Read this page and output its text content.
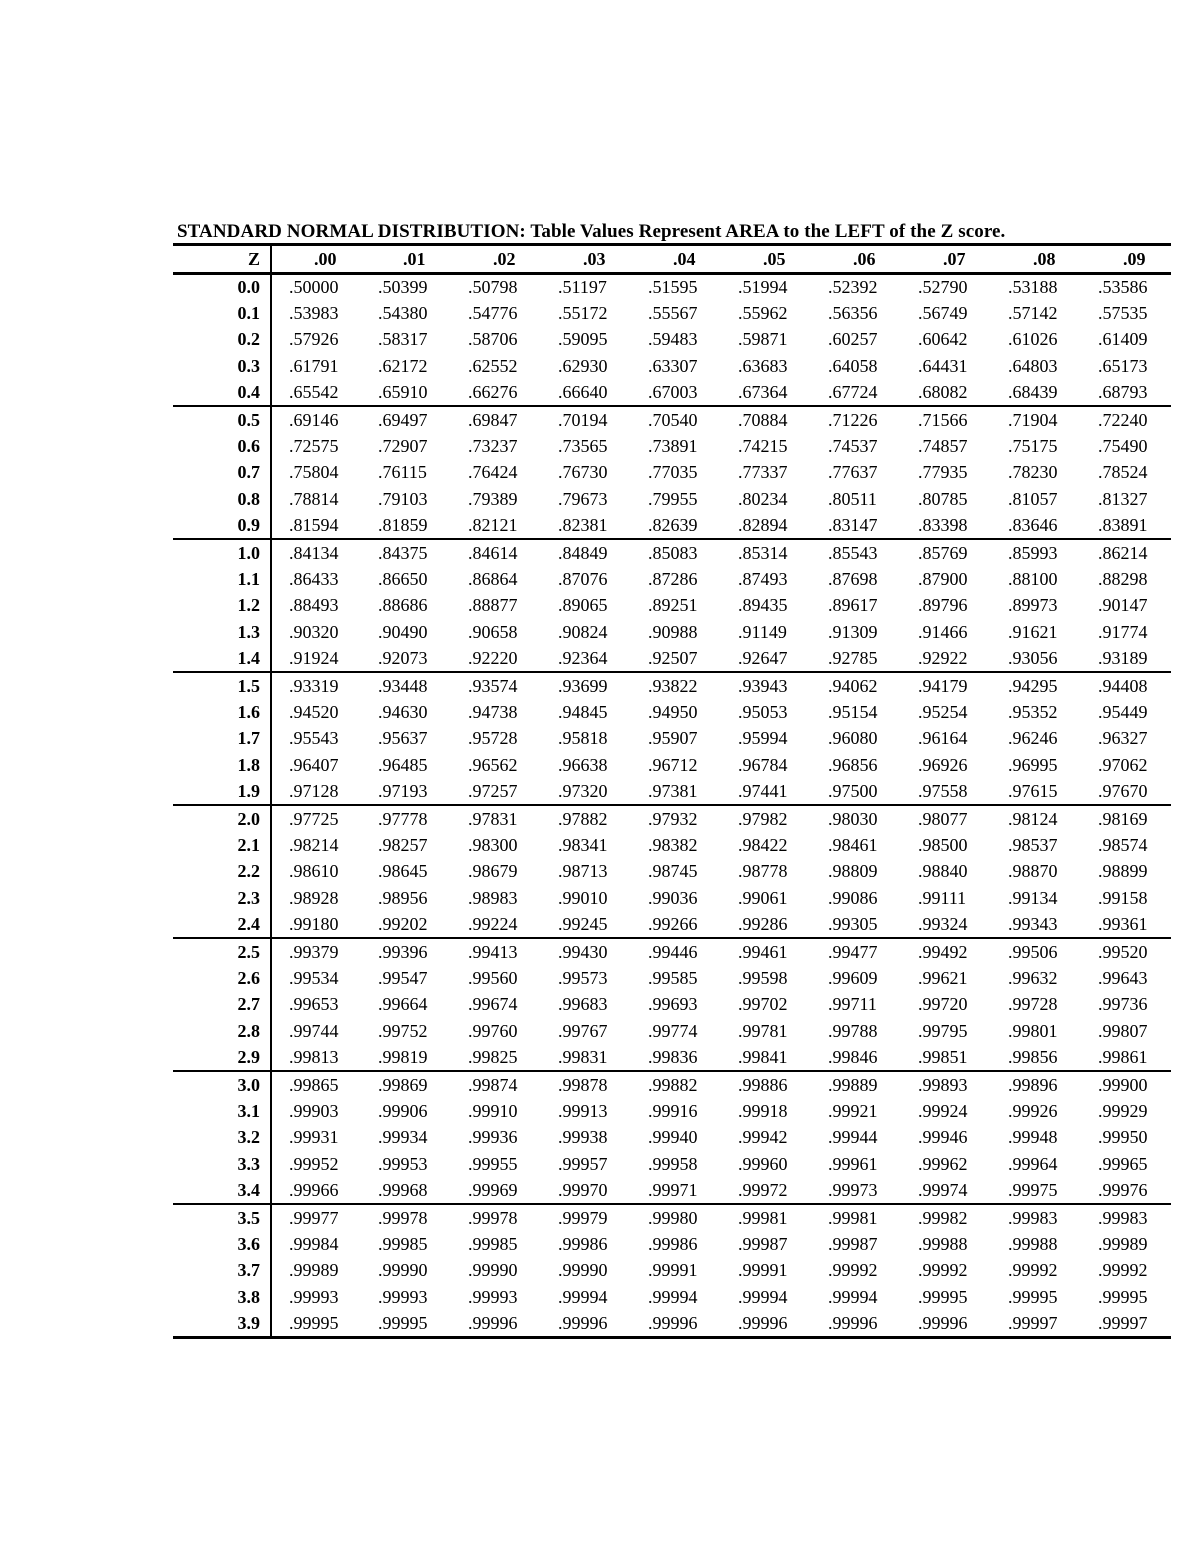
STANDARD NORMAL DISTRIBUTION: Table Values Represent AREA to the LEFT of the Z score.
Z	.00	.01	.02	.03	.04	.05	.06	.07	.08	.09
0.0	.50000	.50399	.50798	.51197	.51595	.51994	.52392	.52790	.53188	.53586
0.1	.53983	.54380	.54776	.55172	.55567	.55962	.56356	.56749	.57142	.57535
0.2	.57926	.58317	.58706	.59095	.59483	.59871	.60257	.60642	.61026	.61409
0.3	.61791	.62172	.62552	.62930	.63307	.63683	.64058	.64431	.64803	.65173
0.4	.65542	.65910	.66276	.66640	.67003	.67364	.67724	.68082	.68439	.68793
0.5	.69146	.69497	.69847	.70194	.70540	.70884	.71226	.71566	.71904	.72240
0.6	.72575	.72907	.73237	.73565	.73891	.74215	.74537	.74857	.75175	.75490
0.7	.75804	.76115	.76424	.76730	.77035	.77337	.77637	.77935	.78230	.78524
0.8	.78814	.79103	.79389	.79673	.79955	.80234	.80511	.80785	.81057	.81327
0.9	.81594	.81859	.82121	.82381	.82639	.82894	.83147	.83398	.83646	.83891
1.0	.84134	.84375	.84614	.84849	.85083	.85314	.85543	.85769	.85993	.86214
1.1	.86433	.86650	.86864	.87076	.87286	.87493	.87698	.87900	.88100	.88298
1.2	.88493	.88686	.88877	.89065	.89251	.89435	.89617	.89796	.89973	.90147
1.3	.90320	.90490	.90658	.90824	.90988	.91149	.91309	.91466	.91621	.91774
1.4	.91924	.92073	.92220	.92364	.92507	.92647	.92785	.92922	.93056	.93189
1.5	.93319	.93448	.93574	.93699	.93822	.93943	.94062	.94179	.94295	.94408
1.6	.94520	.94630	.94738	.94845	.94950	.95053	.95154	.95254	.95352	.95449
1.7	.95543	.95637	.95728	.95818	.95907	.95994	.96080	.96164	.96246	.96327
1.8	.96407	.96485	.96562	.96638	.96712	.96784	.96856	.96926	.96995	.97062
1.9	.97128	.97193	.97257	.97320	.97381	.97441	.97500	.97558	.97615	.97670
2.0	.97725	.97778	.97831	.97882	.97932	.97982	.98030	.98077	.98124	.98169
2.1	.98214	.98257	.98300	.98341	.98382	.98422	.98461	.98500	.98537	.98574
2.2	.98610	.98645	.98679	.98713	.98745	.98778	.98809	.98840	.98870	.98899
2.3	.98928	.98956	.98983	.99010	.99036	.99061	.99086	.99111	.99134	.99158
2.4	.99180	.99202	.99224	.99245	.99266	.99286	.99305	.99324	.99343	.99361
2.5	.99379	.99396	.99413	.99430	.99446	.99461	.99477	.99492	.99506	.99520
2.6	.99534	.99547	.99560	.99573	.99585	.99598	.99609	.99621	.99632	.99643
2.7	.99653	.99664	.99674	.99683	.99693	.99702	.99711	.99720	.99728	.99736
2.8	.99744	.99752	.99760	.99767	.99774	.99781	.99788	.99795	.99801	.99807
2.9	.99813	.99819	.99825	.99831	.99836	.99841	.99846	.99851	.99856	.99861
3.0	.99865	.99869	.99874	.99878	.99882	.99886	.99889	.99893	.99896	.99900
3.1	.99903	.99906	.99910	.99913	.99916	.99918	.99921	.99924	.99926	.99929
3.2	.99931	.99934	.99936	.99938	.99940	.99942	.99944	.99946	.99948	.99950
3.3	.99952	.99953	.99955	.99957	.99958	.99960	.99961	.99962	.99964	.99965
3.4	.99966	.99968	.99969	.99970	.99971	.99972	.99973	.99974	.99975	.99976
3.5	.99977	.99978	.99978	.99979	.99980	.99981	.99981	.99982	.99983	.99983
3.6	.99984	.99985	.99985	.99986	.99986	.99987	.99987	.99988	.99988	.99989
3.7	.99989	.99990	.99990	.99990	.99991	.99991	.99992	.99992	.99992	.99992
3.8	.99993	.99993	.99993	.99994	.99994	.99994	.99994	.99995	.99995	.99995
3.9	.99995	.99995	.99996	.99996	.99996	.99996	.99996	.99996	.99997	.99997
